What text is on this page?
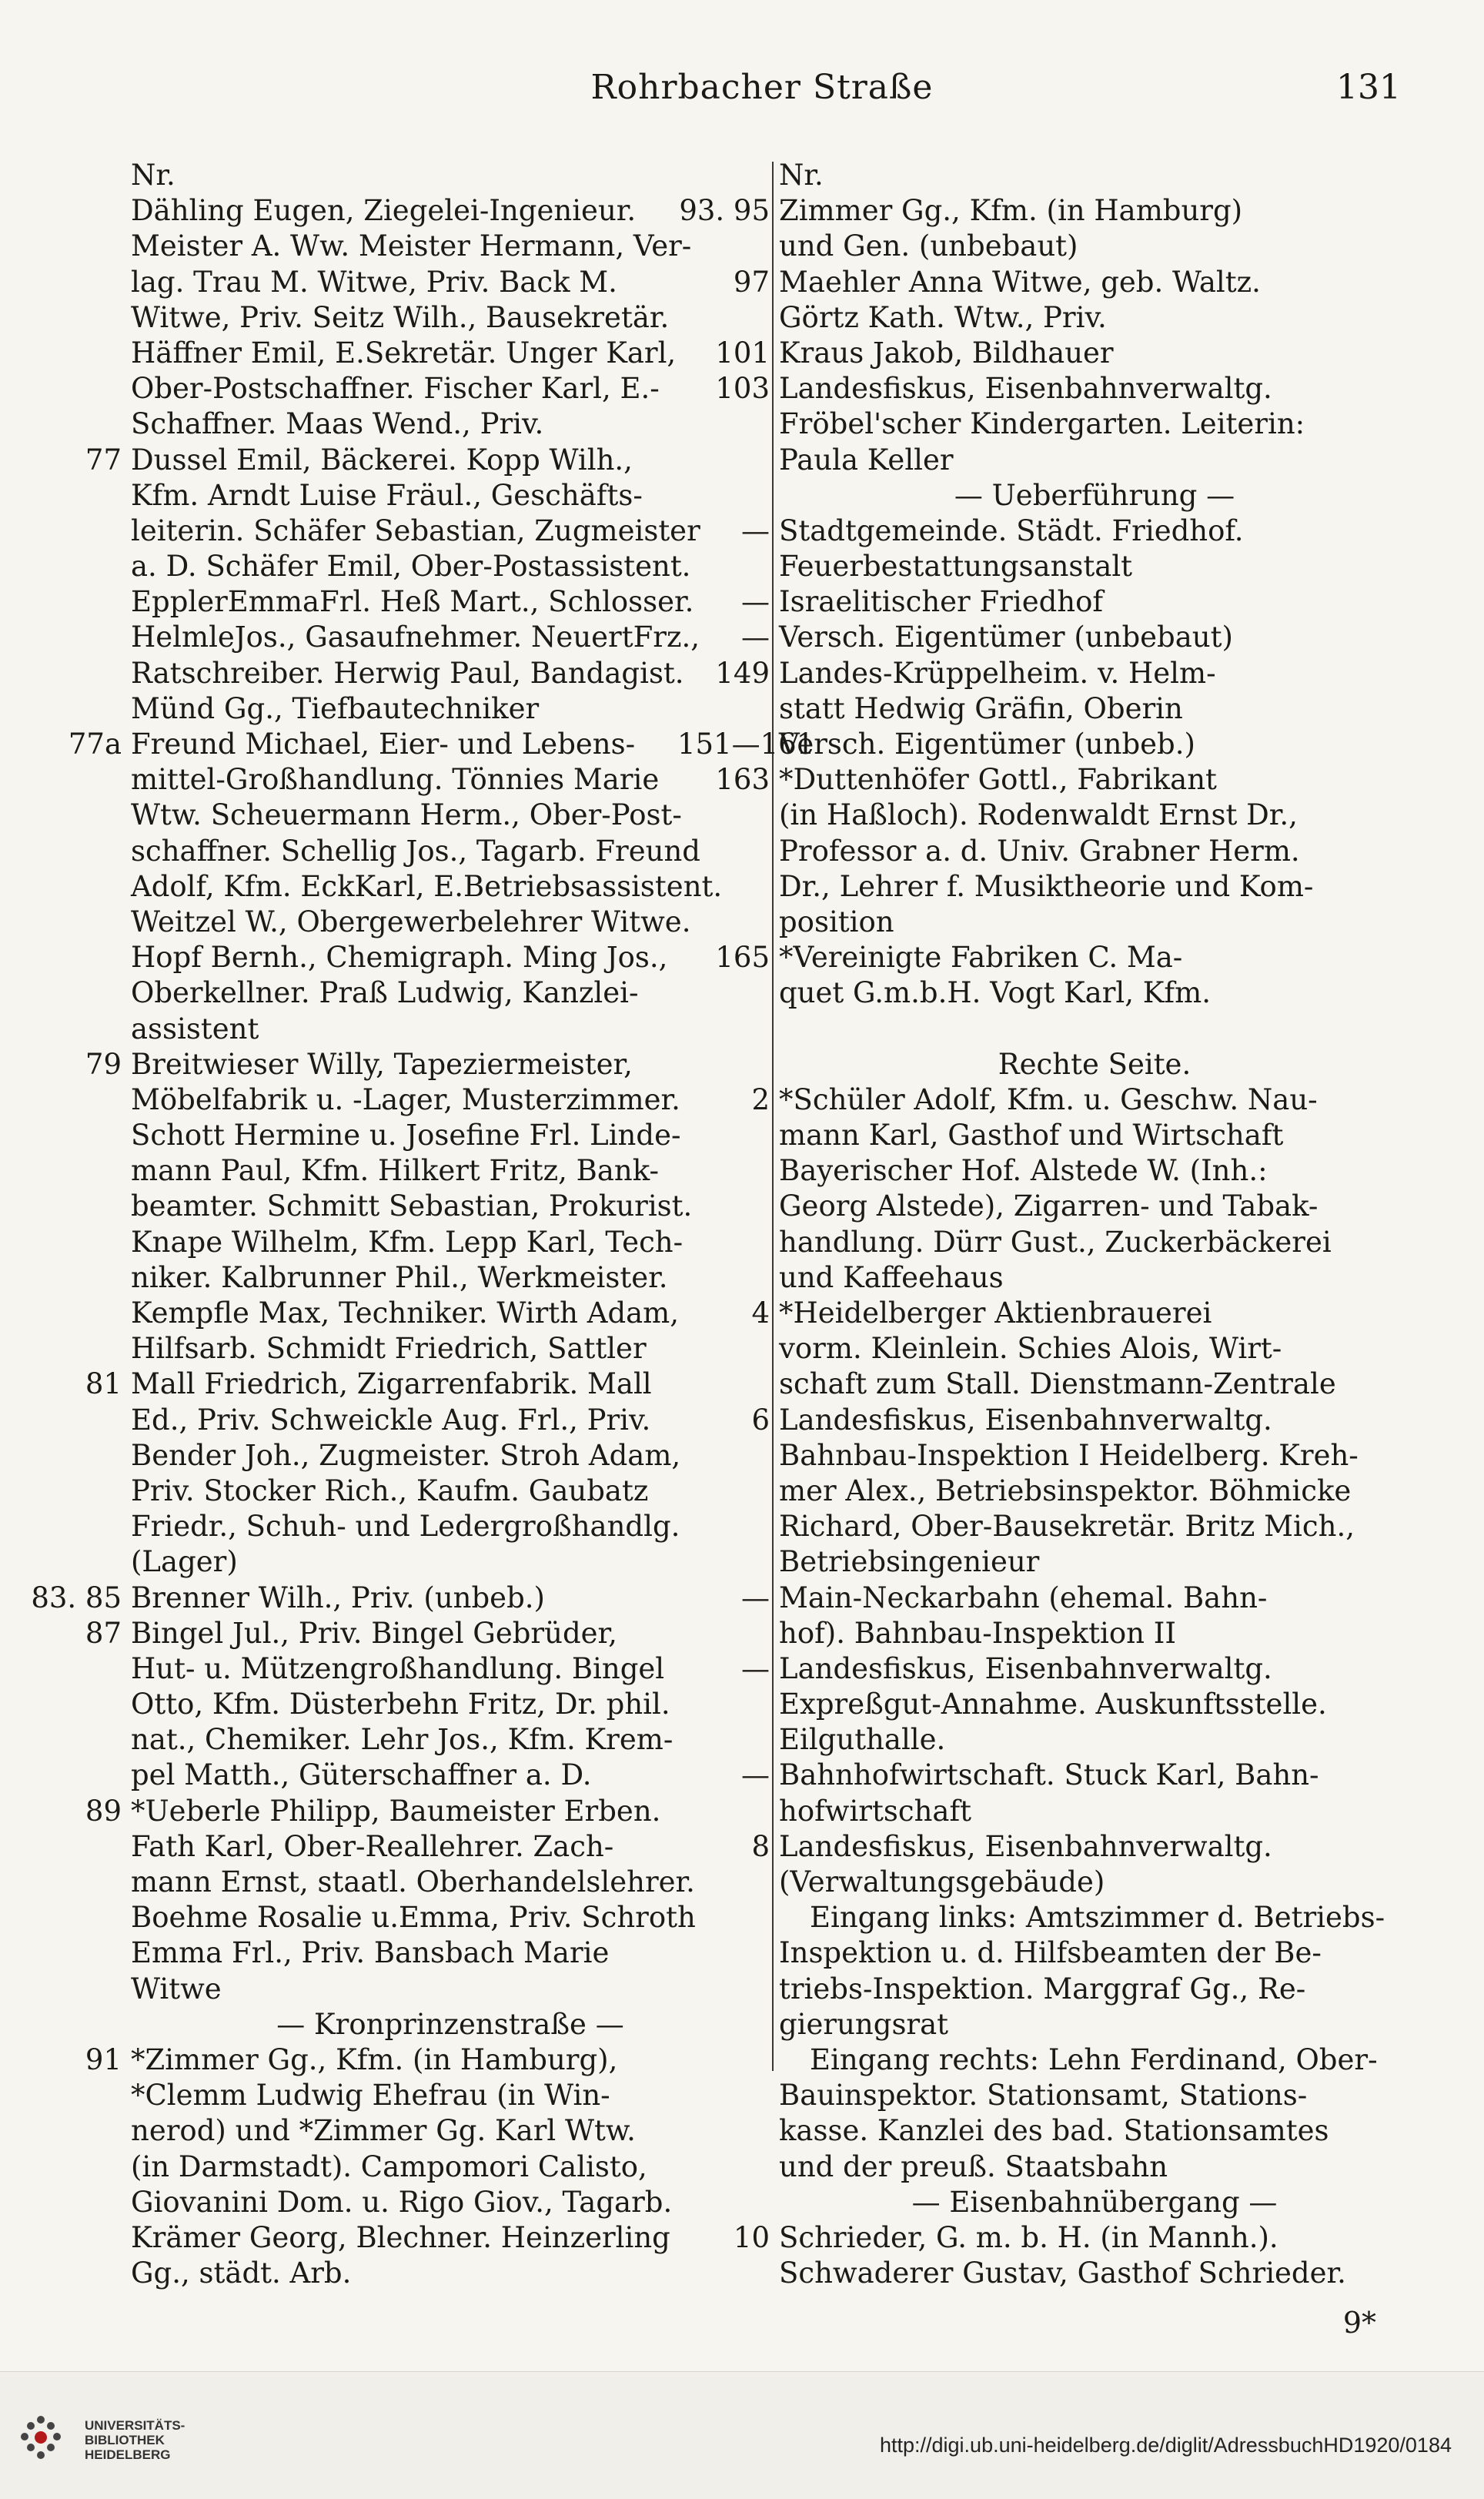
Rohrbacher Straße	131
Nr.
Dähling Eugen, Ziegelei-Ingenieur.
Meister A. Ww. Meister Hermann, Ver-
lag. Trau M. Witwe, Priv. Back M.
Witwe, Priv. Seitz Wilh., Bausekretär.
Häffner Emil, E.Sekretär. Unger Karl,
Ober-Postschaffner. Fischer Karl, E.-
Schaffner. Maas Wend., Priv.
77 Dussel Emil, Bäckerei. Kopp Wilh.,
Kfm. Arndt Luise Fräul., Geschäfts-
leiterin. Schäfer Sebastian, Zugmeister
a. D. Schäfer Emil, Ober-Postassistent.
EpplerEmmaFrl. Heß Mart., Schlosser.
HelmleJos., Gasaufnehmer. NeuertFrz.,
Ratschreiber. Herwig Paul, Bandagist.
Münd Gg., Tiefbautechniker
77a Freund Michael, Eier- und Lebens-
mittel-Großhandlung. Tönnies Marie
Wtw. Scheuermann Herm., Ober-Post-
schaffner. Schellig Jos., Tagarb. Freund
Adolf, Kfm. EckKarl, E.Betriebsassistent.
Weitzel W., Obergewerbelehrer Witwe.
Hopf Bernh., Chemigraph. Ming Jos.,
Oberkellner. Praß Ludwig, Kanzlei-
assistent
79 Breitwieser Willy, Tapeziermeister,
Möbelfabrik u. -Lager, Musterzimmer.
Schott Hermine u. Josefine Frl. Linde-
mann Paul, Kfm. Hilkert Fritz, Bank-
beamter. Schmitt Sebastian, Prokurist.
Knape Wilhelm, Kfm. Lepp Karl, Tech-
niker. Kalbrunner Phil., Werkmeister.
Kempfle Max, Techniker. Wirth Adam,
Hilfsarb. Schmidt Friedrich, Sattler
81 Mall Friedrich, Zigarrenfabrik. Mall
Ed., Priv. Schweickle Aug. Frl., Priv.
Bender Joh., Zugmeister. Stroh Adam,
Priv. Stocker Rich., Kaufm. Gaubatz
Friedr., Schuh- und Ledergroßhandlg.
(Lager)
83. 85 Brenner Wilh., Priv. (unbeb.)
87 Bingel Jul., Priv. Bingel Gebrüder,
Hut- u. Mützengroßhandlung. Bingel
Otto, Kfm. Düsterbehn Fritz, Dr. phil.
nat., Chemiker. Lehr Jos., Kfm. Krem-
pel Matth., Güterschaffner a. D.
89 *Ueberle Philipp, Baumeister Erben.
Fath Karl, Ober-Reallehrer. Zach-
mann Ernst, staatl. Oberhandelslehrer.
Boehme Rosalie u.Emma, Priv. Schroth
Emma Frl., Priv. Bansbach Marie
Witwe
— Kronprinzenstraße —
91 *Zimmer Gg., Kfm. (in Hamburg),
*Clemm Ludwig Ehefrau (in Win-
nerod) und *Zimmer Gg. Karl Wtw.
(in Darmstadt). Campomori Calisto,
Giovanini Dom. u. Rigo Giov., Tagarb.
Krämer Georg, Blechner. Heinzerling
Gg., städt. Arb.
Nr.
93. 95 Zimmer Gg., Kfm. (in Hamburg)
und Gen. (unbebaut)
97 Maehler Anna Witwe, geb. Waltz.
Görtz Kath. Wtw., Priv.
101 Kraus Jakob, Bildhauer
103 Landesfiskus, Eisenbahnverwaltg.
Fröbel'scher Kindergarten. Leiterin:
Paula Keller
— Ueberführung —
— Stadtgemeinde. Städt. Friedhof.
Feuerbestattungsanstalt
— Israelitischer Friedhof
— Versch. Eigentümer (unbebaut)
149 Landes-Krüppelheim. v. Helm-
statt Hedwig Gräfin, Oberin
151—161
Versch. Eigentümer (unbeb.)
163 *Duttenhöfer Gottl., Fabrikant
(in Haßloch). Rodenwaldt Ernst Dr.,
Professor a. d. Univ. Grabner Herm.
Dr., Lehrer f. Musiktheorie und Kom-
position
165 *Vereinigte Fabriken C. Ma-
quet G.m.b.H. Vogt Karl, Kfm.
Rechte Seite.
2 *Schüler Adolf, Kfm. u. Geschw. Nau-
mann Karl, Gasthof und Wirtschaft
Bayerischer Hof. Alstede W. (Inh.:
Georg Alstede), Zigarren- und Tabak-
handlung. Dürr Gust., Zuckerbäckerei
und Kaffeehaus
4 *Heidelberger Aktienbrauerei
vorm. Kleinlein. Schies Alois, Wirt-
schaft zum Stall. Dienstmann-Zentrale
6 Landesfiskus, Eisenbahnverwaltg.
Bahnbau-Inspektion I Heidelberg. Kreh-
mer Alex., Betriebsinspektor. Böhmicke
Richard, Ober-Bausekretär. Britz Mich.,
Betriebsingenieur
— Main-Neckarbahn (ehemal. Bahn-
hof). Bahnbau-Inspektion II
— Landesfiskus, Eisenbahnverwaltg.
Expreßgut-Annahme. Auskunftsstelle.
Eilguthalle.
— Bahnhofwirtschaft. Stuck Karl, Bahn-
hofwirtschaft
8 Landesfiskus, Eisenbahnverwaltg.
(Verwaltungsgebäude)
Eingang links: Amtszimmer d. Betriebs-
Inspektion u. d. Hilfsbeamten der Be-
triebs-Inspektion. Marggraf Gg., Re-
gierungsrat
Eingang rechts: Lehn Ferdinand, Ober-
Bauinspektor. Stationsamt, Stations-
kasse. Kanzlei des bad. Stationsamtes
und der preuß. Staatsbahn
— Eisenbahnübergang —
10 Schrieder, G. m. b. H. (in Mannh.).
Schwaderer Gustav, Gasthof Schrieder.
9*
UNIVERSITÄTS-
BIBLIOTHEK
HEIDELBERG	http://digi.ub.uni-heidelberg.de/diglit/AdressbuchHD1920/0184
